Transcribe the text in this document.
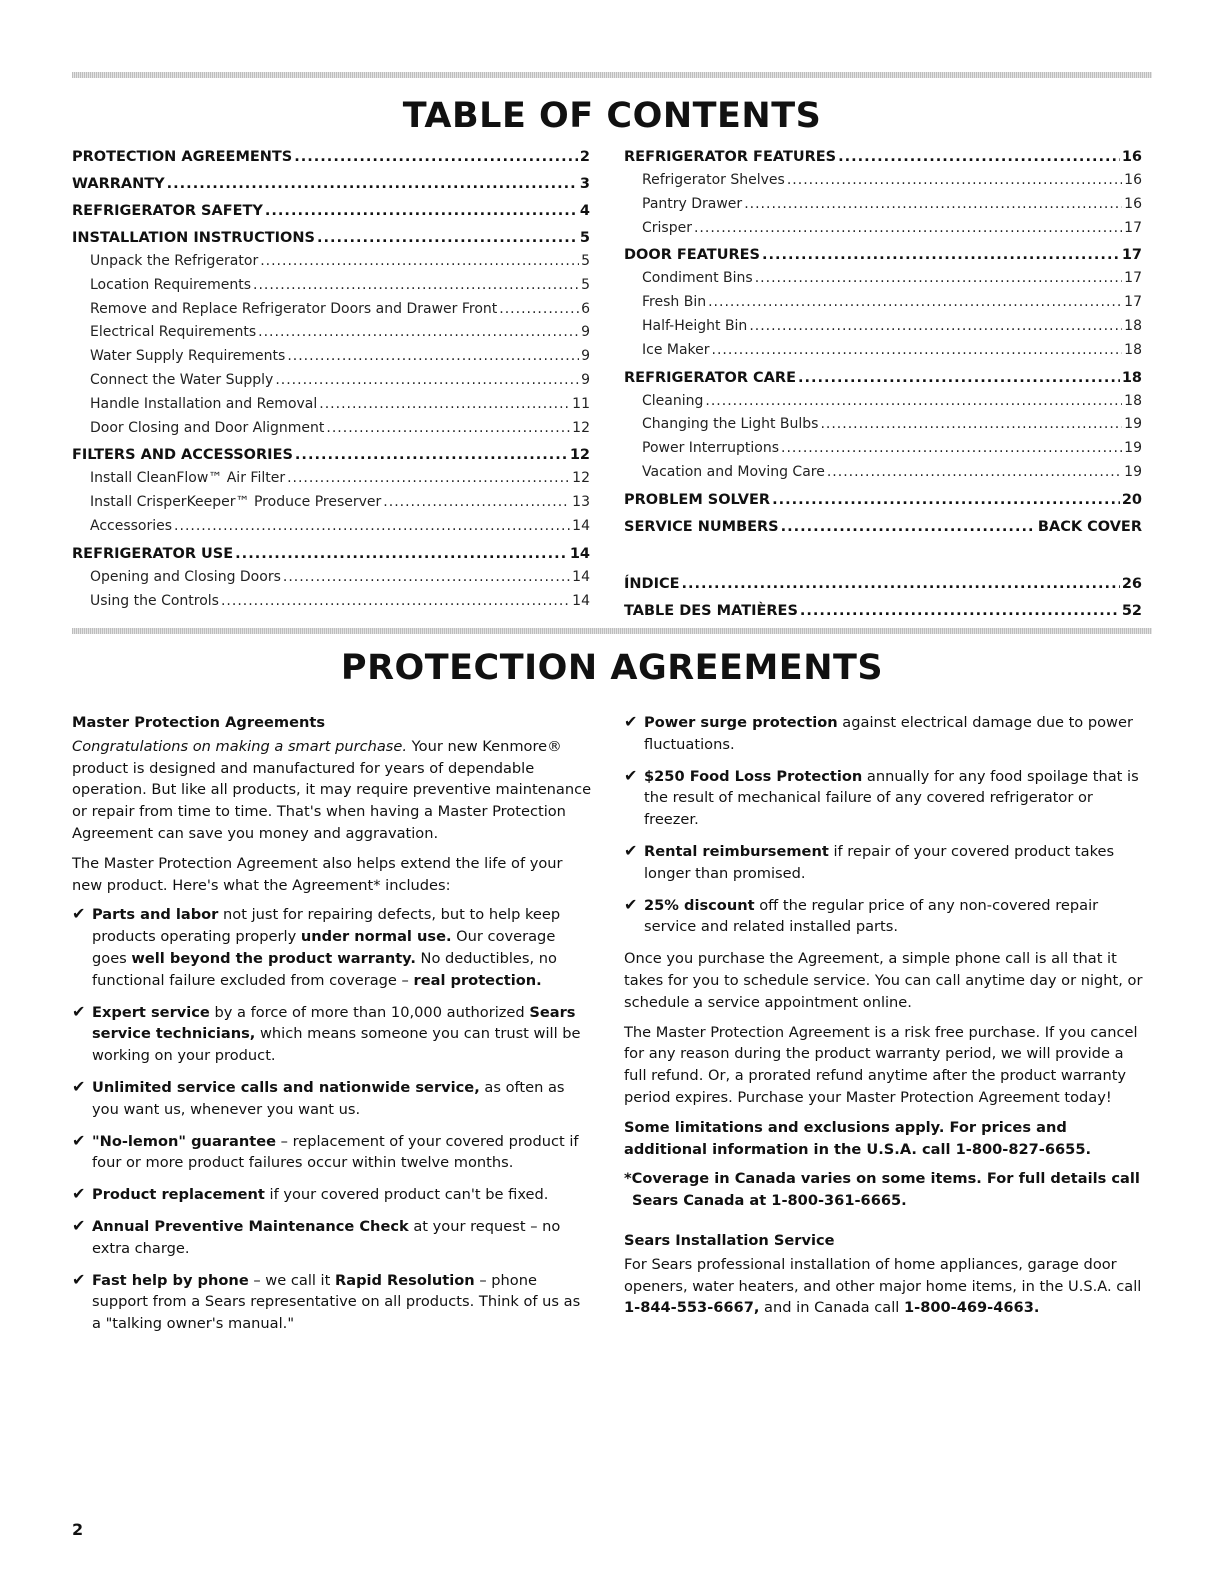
TABLE OF CONTENTS
PROTECTION AGREEMENTS .....	2
WARRANTY .....	3
REFRIGERATOR SAFETY .....	4
INSTALLATION INSTRUCTIONS .....	5
Unpack the Refrigerator .....	5
Location Requirements .....	5
Remove and Replace Refrigerator Doors and Drawer Front .....	6
Electrical Requirements .....	9
Water Supply Requirements .....	9
Connect the Water Supply .....	9
Handle Installation and Removal .....	11
Door Closing and Door Alignment .....	12
FILTERS AND ACCESSORIES .....	12
Install CleanFlow™ Air Filter .....	12
Install CrisperKeeper™ Produce Preserver .....	13
Accessories .....	14
REFRIGERATOR USE .....	14
Opening and Closing Doors .....	14
Using the Controls .....	14
REFRIGERATOR FEATURES .....	16
Refrigerator Shelves .....	16
Pantry Drawer .....	16
Crisper .....	17
DOOR FEATURES .....	17
Condiment Bins .....	17
Fresh Bin .....	17
Half-Height Bin .....	18
Ice Maker .....	18
REFRIGERATOR CARE .....	18
Cleaning .....	18
Changing the Light Bulbs .....	19
Power Interruptions .....	19
Vacation and Moving Care .....	19
PROBLEM SOLVER .....	20
SERVICE NUMBERS .....	BACK COVER
ÍNDICE .....	26
TABLE DES MATIÈRES .....	52
PROTECTION AGREEMENTS
Master Protection Agreements

Congratulations on making a smart purchase. Your new Kenmore® product is designed and manufactured for years of dependable operation. But like all products, it may require preventive maintenance or repair from time to time. That's when having a Master Protection Agreement can save you money and aggravation.

The Master Protection Agreement also helps extend the life of your new product. Here's what the Agreement* includes:

✔ Parts and labor not just for repairing defects, but to help keep products operating properly under normal use. Our coverage goes well beyond the product warranty. No deductibles, no functional failure excluded from coverage – real protection.
✔ Expert service by a force of more than 10,000 authorized Sears service technicians, which means someone you can trust will be working on your product.
✔ Unlimited service calls and nationwide service, as often as you want us, whenever you want us.
✔ "No-lemon" guarantee – replacement of your covered product if four or more product failures occur within twelve months.
✔ Product replacement if your covered product can't be fixed.
✔ Annual Preventive Maintenance Check at your request – no extra charge.
✔ Fast help by phone – we call it Rapid Resolution – phone support from a Sears representative on all products. Think of us as a "talking owner's manual."
✔ Power surge protection against electrical damage due to power fluctuations.
✔ $250 Food Loss Protection annually for any food spoilage that is the result of mechanical failure of any covered refrigerator or freezer.
✔ Rental reimbursement if repair of your covered product takes longer than promised.
✔ 25% discount off the regular price of any non-covered repair service and related installed parts.

Once you purchase the Agreement, a simple phone call is all that it takes for you to schedule service. You can call anytime day or night, or schedule a service appointment online.

The Master Protection Agreement is a risk free purchase. If you cancel for any reason during the product warranty period, we will provide a full refund. Or, a prorated refund anytime after the product warranty period expires. Purchase your Master Protection Agreement today!

Some limitations and exclusions apply. For prices and additional information in the U.S.A. call 1-800-827-6655.

*Coverage in Canada varies on some items. For full details call Sears Canada at 1-800-361-6665.

Sears Installation Service

For Sears professional installation of home appliances, garage door openers, water heaters, and other major home items, in the U.S.A. call 1-844-553-6667, and in Canada call 1-800-469-4663.

2
